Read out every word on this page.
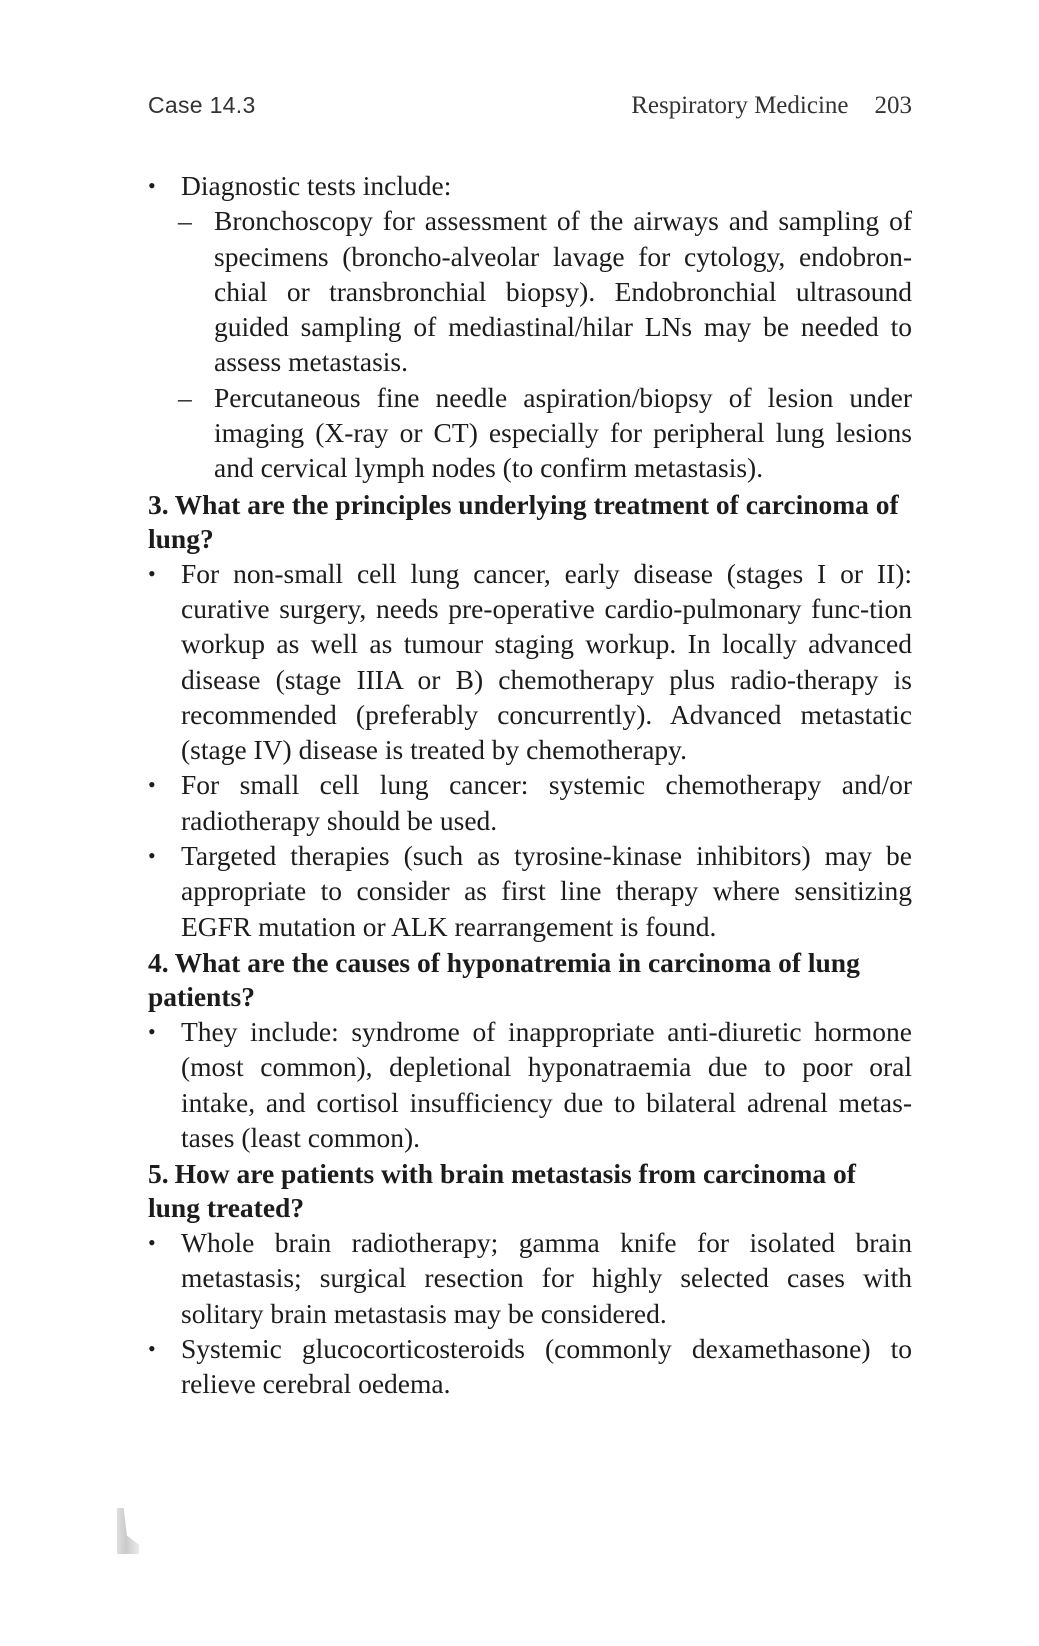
Case 14.3	Respiratory Medicine 203

• Diagnostic tests include:

– Bronchoscopy for assessment of the airways and sampling of specimens (broncho-alveolar lavage for cytology, endobron-chial or transbronchial biopsy). Endobronchial ultrasound guided sampling of mediastinal/hilar LNs may be needed to assess metastasis.

– Percutaneous fine needle aspiration/biopsy of lesion under imaging (X-ray or CT) especially for peripheral lung lesions and cervical lymph nodes (to confirm metastasis).

3. What are the principles underlying treatment of carcinoma of lung?

• For non-small cell lung cancer, early disease (stages I or II): curative surgery, needs pre-operative cardio-pulmonary func-tion workup as well as tumour staging workup. In locally advanced disease (stage IIIA or B) chemotherapy plus radio-therapy is recommended (preferably concurrently). Advanced metastatic (stage IV) disease is treated by chemotherapy.

• For small cell lung cancer: systemic chemotherapy and/or radiotherapy should be used.

• Targeted therapies (such as tyrosine-kinase inhibitors) may be appropriate to consider as first line therapy where sensitizing EGFR mutation or ALK rearrangement is found.

4. What are the causes of hyponatremia in carcinoma of lung patients?

• They include: syndrome of inappropriate anti-diuretic hormone (most common), depletional hyponatraemia due to poor oral intake, and cortisol insufficiency due to bilateral adrenal metas-tases (least common).

5. How are patients with brain metastasis from carcinoma of lung treated?

• Whole brain radiotherapy; gamma knife for isolated brain metastasis; surgical resection for highly selected cases with solitary brain metastasis may be considered.

• Systemic glucocorticosteroids (commonly dexamethasone) to relieve cerebral oedema.
